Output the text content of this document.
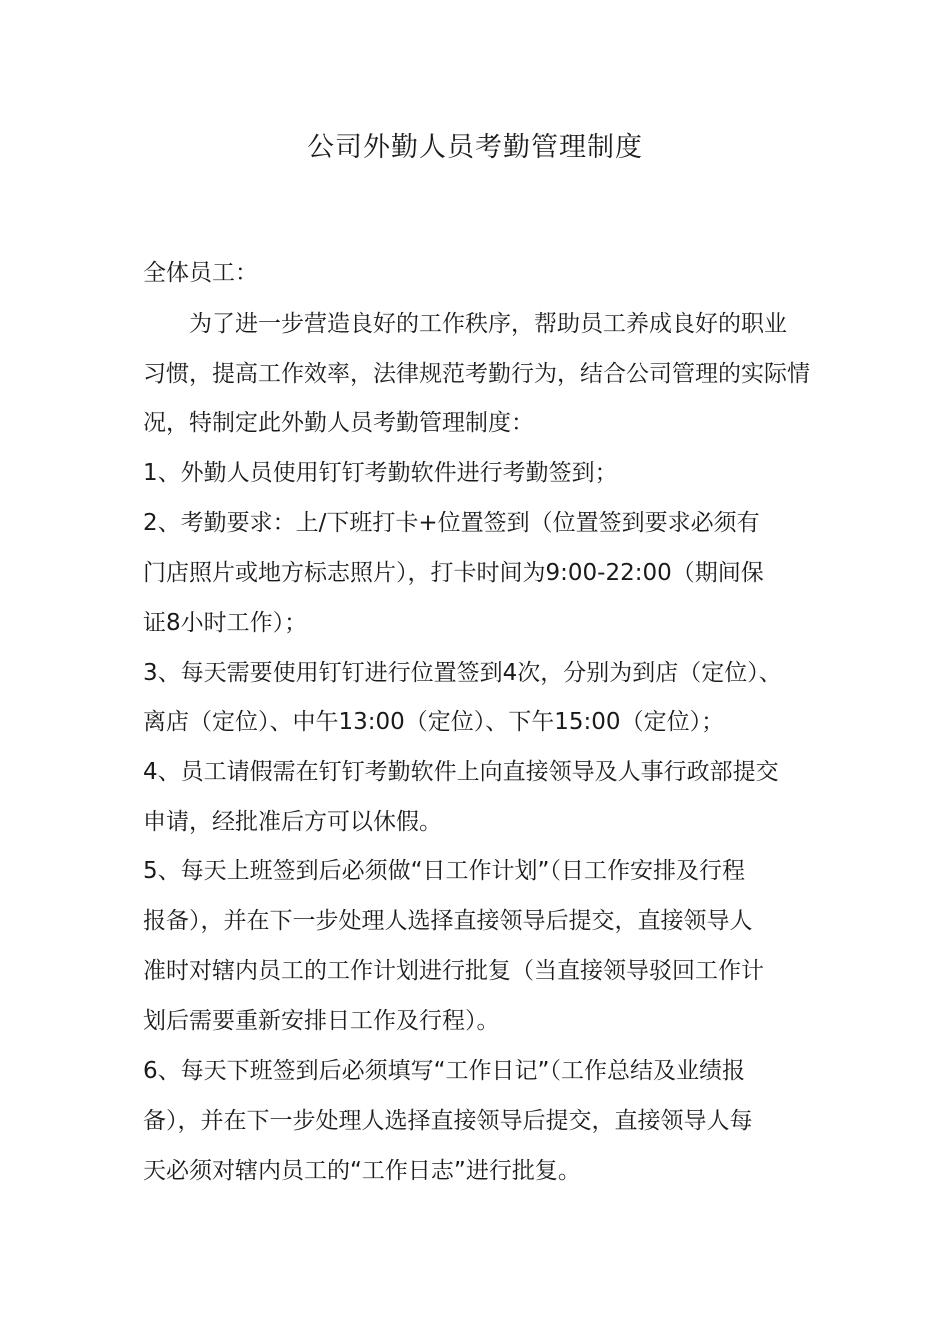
公司外勤人员考勤管理制度

全体员工：

为了进一步营造良好的工作秩序，帮助员工养成良好的职业

习惯，提高工作效率，法律规范考勤行为，结合公司管理的实际情

况，特制定此外勤人员考勤管理制度：

1、外勤人员使用钉钉考勤软件进行考勤签到；

2、考勤要求：上/下班打卡+位置签到（位置签到要求必须有

门店照片或地方标志照片），打卡时间为9:00-22:00（期间保

证8小时工作）；

3、每天需要使用钉钉进行位置签到4次，分别为到店（定位）、

离店（定位）、中午13:00（定位）、下午15:00（定位）；

4、员工请假需在钉钉考勤软件上向直接领导及人事行政部提交

申请，经批准后方可以休假。

5、每天上班签到后必须做“日工作计划”（日工作安排及行程

报备），并在下一步处理人选择直接领导后提交，直接领导人

准时对辖内员工的工作计划进行批复（当直接领导驳回工作计

划后需要重新安排日工作及行程）。

6、每天下班签到后必须填写“工作日记”（工作总结及业绩报

备），并在下一步处理人选择直接领导后提交，直接领导人每

天必须对辖内员工的“工作日志”进行批复。
